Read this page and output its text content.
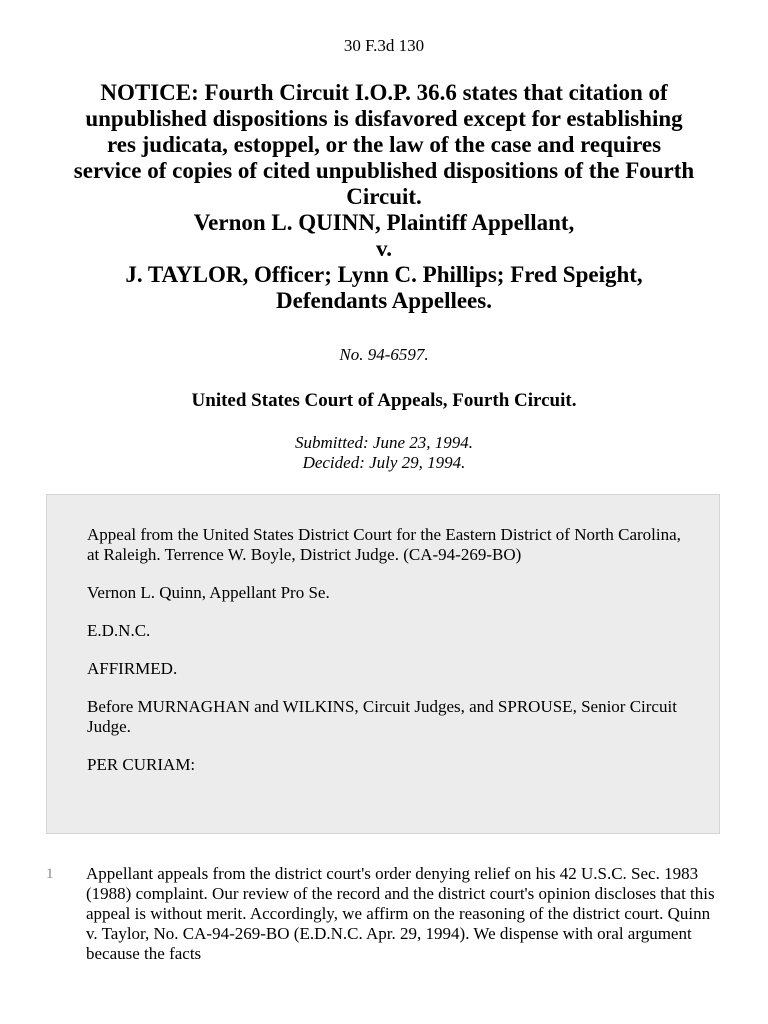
30 F.3d 130
NOTICE: Fourth Circuit I.O.P. 36.6 states that citation of
unpublished dispositions is disfavored except for establishing
res judicata, estoppel, or the law of the case and requires
service of copies of cited unpublished dispositions of the Fourth
Circuit.
Vernon L. QUINN, Plaintiff Appellant,
v.
J. TAYLOR, Officer; Lynn C. Phillips; Fred Speight,
Defendants Appellees.
No. 94-6597.
United States Court of Appeals, Fourth Circuit.
Submitted: June 23, 1994.
Decided: July 29, 1994.

Appeal from the United States District Court for the Eastern District of North Carolina, at Raleigh. Terrence W. Boyle, District Judge. (CA-94-269-BO)

Vernon L. Quinn, Appellant Pro Se.

E.D.N.C.

AFFIRMED.

Before MURNAGHAN and WILKINS, Circuit Judges, and SPROUSE, Senior Circuit Judge.

PER CURIAM:

1 Appellant appeals from the district court's order denying relief on his 42 U.S.C. Sec. 1983 (1988) complaint. Our review of the record and the district court's opinion discloses that this appeal is without merit. Accordingly, we affirm on the reasoning of the district court. Quinn v. Taylor, No. CA-94-269-BO (E.D.N.C. Apr. 29, 1994). We dispense with oral argument because the facts
